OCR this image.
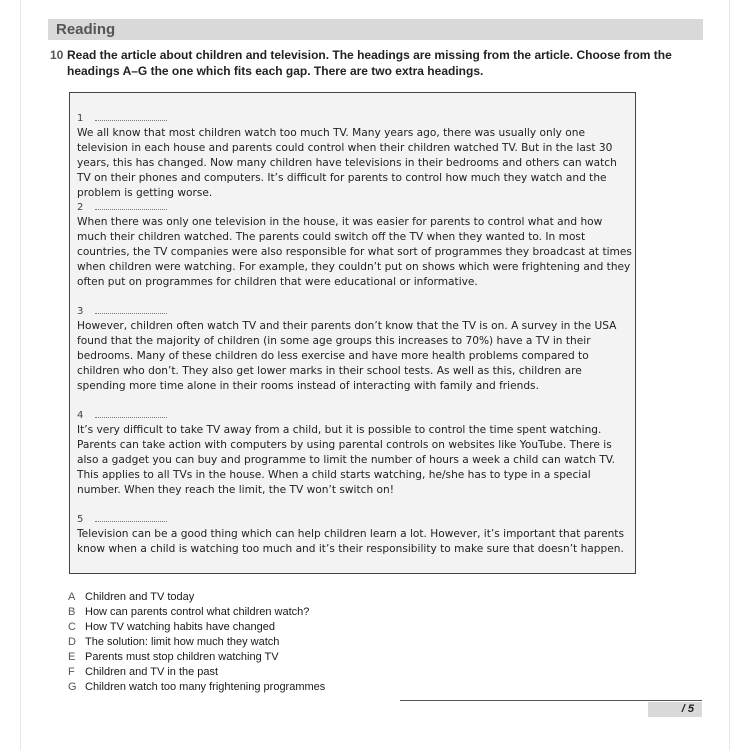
Reading
10 Read the article about children and television. The headings are missing from the article. Choose from the headings A–G the one which fits each gap. There are two extra headings.
1

We all know that most children watch too much TV. Many years ago, there was usually only one television in each house and parents could control when their children watched TV. But in the last 30 years, this has changed. Now many children have televisions in their bedrooms and others can watch TV on their phones and computers. It’s difficult for parents to control how much they watch and the problem is getting worse.

2

When there was only one television in the house, it was easier for parents to control what and how much their children watched. The parents could switch off the TV when they wanted to. In most countries, the TV companies were also responsible for what sort of programmes they broadcast at times when children were watching. For example, they couldn’t put on shows which were frightening and they often put on programmes for children that were educational or informative.

3

However, children often watch TV and their parents don’t know that the TV is on. A survey in the USA found that the majority of children (in some age groups this increases to 70%) have a TV in their bedrooms. Many of these children do less exercise and have more health problems compared to children who don’t. They also get lower marks in their school tests. As well as this, children are spending more time alone in their rooms instead of interacting with family and friends.

4

It’s very difficult to take TV away from a child, but it is possible to control the time spent watching. Parents can take action with computers by using parental controls on websites like YouTube. There is also a gadget you can buy and programme to limit the number of hours a week a child can watch TV. This applies to all TVs in the house. When a child starts watching, he/she has to type in a special number. When they reach the limit, the TV won’t switch on!

5

Television can be a good thing which can help children learn a lot. However, it’s important that parents know when a child is watching too much and it’s their responsibility to make sure that doesn’t happen.

A Children and TV today
B How can parents control what children watch?
C How TV watching habits have changed
D The solution: limit how much they watch
E Parents must stop children watching TV
F Children and TV in the past
G Children watch too many frightening programmes
/ 5
